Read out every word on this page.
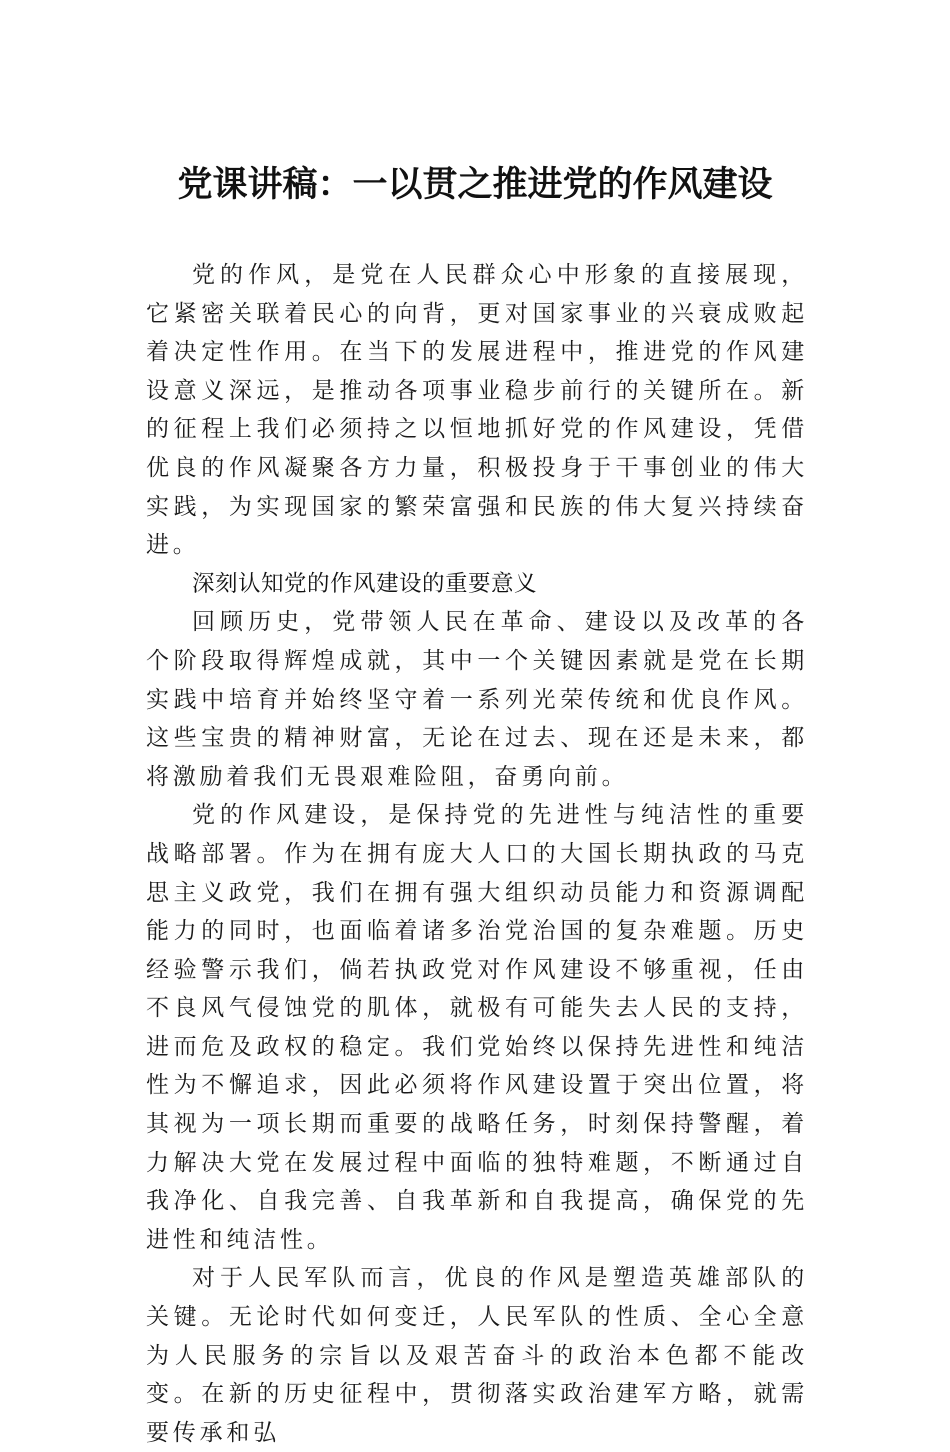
党课讲稿：一以贯之推进党的作风建设

党的作风，是党在人民群众心中形象的直接展现，它紧密关联着民心的向背，更对国家事业的兴衰成败起着决定性作用。在当下的发展进程中，推进党的作风建设意义深远，是推动各项事业稳步前行的关键所在。新的征程上我们必须持之以恒地抓好党的作风建设，凭借优良的作风凝聚各方力量，积极投身于干事创业的伟大实践，为实现国家的繁荣富强和民族的伟大复兴持续奋进。

深刻认知党的作风建设的重要意义

回顾历史，党带领人民在革命、建设以及改革的各个阶段取得辉煌成就，其中一个关键因素就是党在长期实践中培育并始终坚守着一系列光荣传统和优良作风。这些宝贵的精神财富，无论在过去、现在还是未来，都将激励着我们无畏艰难险阻，奋勇向前。

党的作风建设，是保持党的先进性与纯洁性的重要战略部署。作为在拥有庞大人口的大国长期执政的马克思主义政党，我们在拥有强大组织动员能力和资源调配能力的同时，也面临着诸多治党治国的复杂难题。历史经验警示我们，倘若执政党对作风建设不够重视，任由不良风气侵蚀党的肌体，就极有可能失去人民的支持，进而危及政权的稳定。我们党始终以保持先进性和纯洁性为不懈追求，因此必须将作风建设置于突出位置，将其视为一项长期而重要的战略任务，时刻保持警醒，着力解决大党在发展过程中面临的独特难题，不断通过自我净化、自我完善、自我革新和自我提高，确保党的先进性和纯洁性。

对于人民军队而言，优良的作风是塑造英雄部队的关键。无论时代如何变迁，人民军队的性质、全心全意为人民服务的宗旨以及艰苦奋斗的政治本色都不能改变。在新的历史征程中，贯彻落实政治建军方略，就需要传承和弘
